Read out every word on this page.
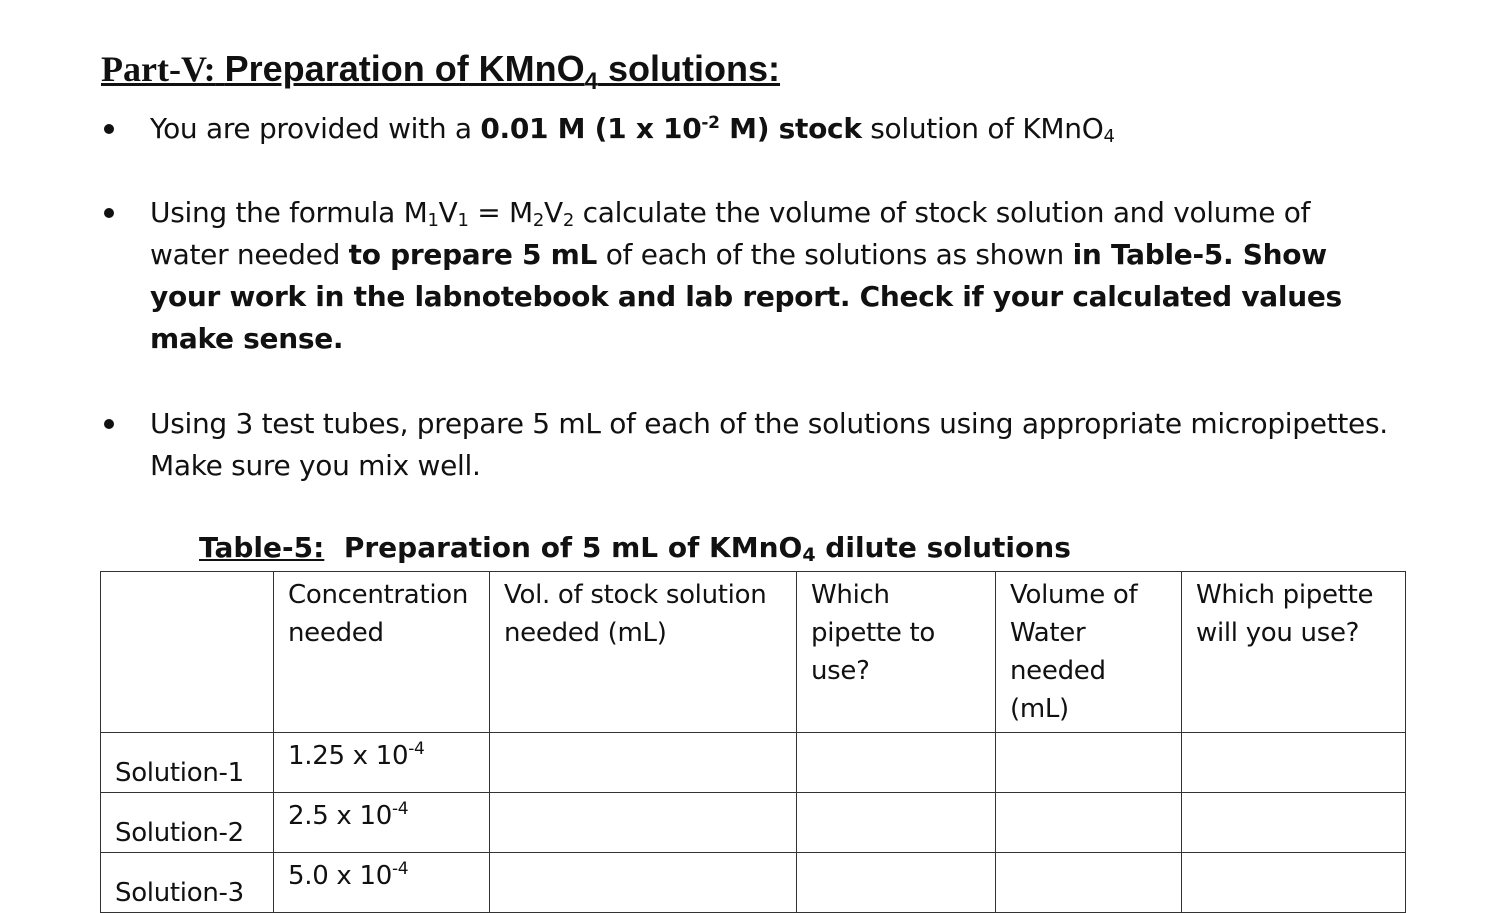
Part-V: Preparation of KMnO$_4$ solutions:
You are provided with a 0.01 M (1 x $10^{-2}$ M) stock solution of KMnO$_4$
Using the formula $M_1V_1 = M_2V_2$ calculate the volume of stock solution and volume of water needed to prepare 5 mL of each of the solutions as shown in Table-5. Show your work in the labnotebook and lab report. Check if your calculated values make sense.
Using 3 test tubes, prepare 5 mL of each of the solutions using appropriate micropipettes. Make sure you mix well.
Table-5: Preparation of 5 mL of KMnO$_4$ dilute solutions
	Concentration needed	Vol. of stock solution needed (mL)	Which pipette to use?	Volume of Water needed (mL)	Which pipette will you use?
Solution-1	1.25 x $10^{-4}$				
Solution-2	2.5 x $10^{-4}$				
Solution-3	5.0 x $10^{-4}$				
